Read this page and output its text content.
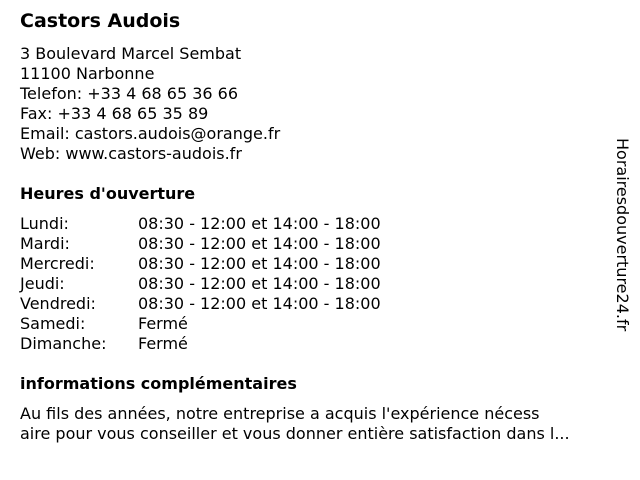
Castors Audois
3 Boulevard Marcel Sembat
11100 Narbonne
Telefon: +33 4 68 65 36 66
Fax: +33 4 68 65 35 89
Email: castors.audois@orange.fr
Web: www.castors-audois.fr
Heures d'ouverture
Lundi:	08:30 - 12:00 et 14:00 - 18:00
Mardi:	08:30 - 12:00 et 14:00 - 18:00
Mercredi:	08:30 - 12:00 et 14:00 - 18:00
Jeudi:	08:30 - 12:00 et 14:00 - 18:00
Vendredi:	08:30 - 12:00 et 14:00 - 18:00
Samedi:	Fermé
Dimanche: Fermé
informations complémentaires
Au fils des années, notre entreprise a acquis l'expérience nécess
aire pour vous conseiller et vous donner entière satisfaction dans l...
Horairesdouverture24.fr
